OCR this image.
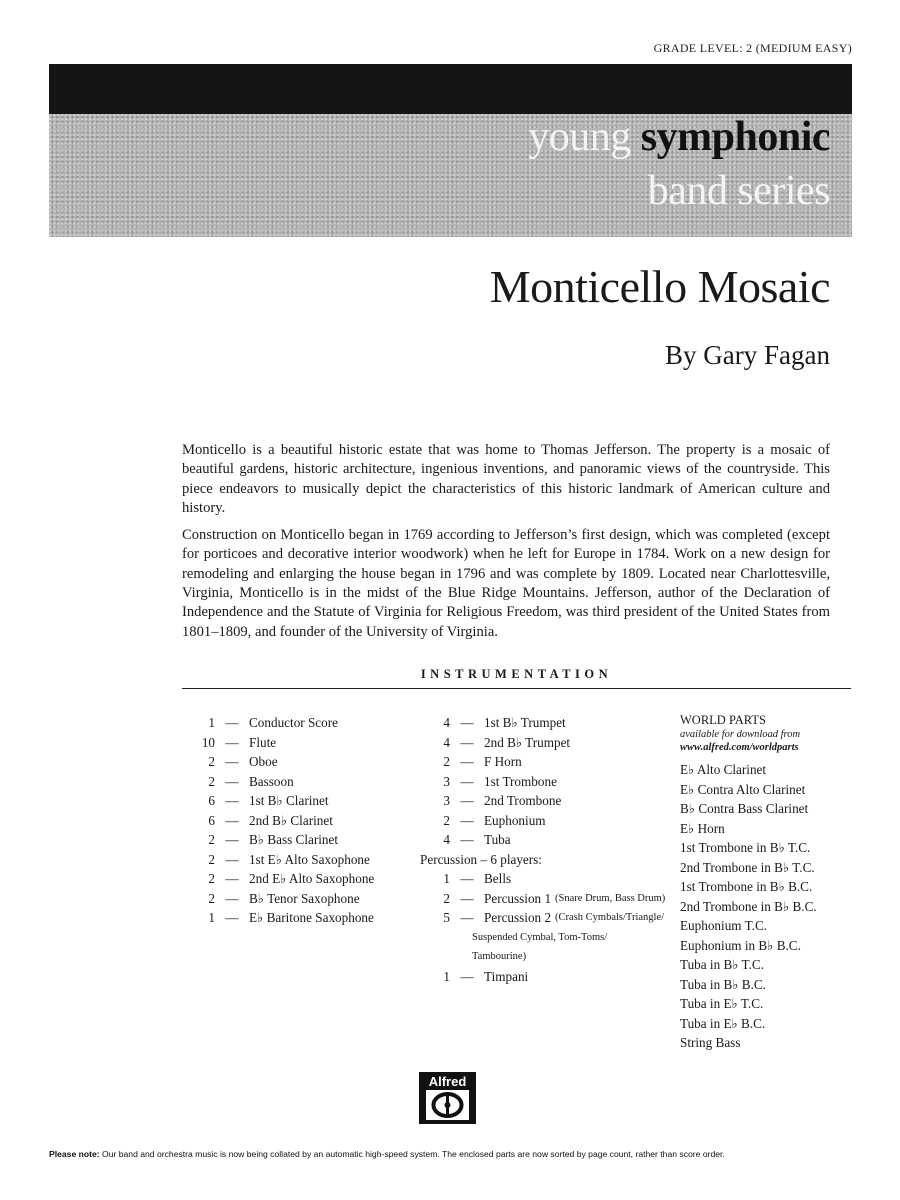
GRADE LEVEL: 2 (MEDIUM EASY)
young symphonic
band series
Monticello Mosaic
By Gary Fagan

Monticello is a beautiful historic estate that was home to Thomas Jefferson. The property is a mosaic of beautiful gardens, historic architecture, ingenious inventions, and panoramic views of the countryside. This piece endeavors to musically depict the characteristics of this historic landmark of American culture and history.

Construction on Monticello began in 1769 according to Jefferson’s first design, which was completed (except for porticoes and decorative interior woodwork) when he left for Europe in 1784. Work on a new design for remodeling and enlarging the house began in 1796 and was complete by 1809. Located near Charlottesville, Virginia, Monticello is in the midst of the Blue Ridge Mountains. Jefferson, author of the Declaration of Independence and the Statute of Virginia for Religious Freedom, was third president of the United States from 1801–1809, and founder of the University of Virginia.

INSTRUMENTATION
1 — Conductor Score
10 — Flute
2 — Oboe
2 — Bassoon
6 — 1st B♭ Clarinet
6 — 2nd B♭ Clarinet
2 — B♭ Bass Clarinet
2 — 1st E♭ Alto Saxophone
2 — 2nd E♭ Alto Saxophone
2 — B♭ Tenor Saxophone
1 — E♭ Baritone Saxophone
4 — 1st B♭ Trumpet
4 — 2nd B♭ Trumpet
2 — F Horn
3 — 1st Trombone
3 — 2nd Trombone
2 — Euphonium
4 — Tuba
Percussion – 6 players:
1 — Bells
2 — Percussion 1 (Snare Drum, Bass Drum)
5 — Percussion 2 (Crash Cymbals/Triangle/
Suspended Cymbal, Tom-Toms/
Tambourine)
1 — Timpani
WORLD PARTS
available for download from
www.alfred.com/worldparts
E♭ Alto Clarinet
E♭ Contra Alto Clarinet
B♭ Contra Bass Clarinet
E♭ Horn
1st Trombone in B♭ T.C.
2nd Trombone in B♭ T.C.
1st Trombone in B♭ B.C.
2nd Trombone in B♭ B.C.
Euphonium T.C.
Euphonium in B♭ B.C.
Tuba in B♭ T.C.
Tuba in B♭ B.C.
Tuba in E♭ T.C.
Tuba in E♭ B.C.
String Bass
Alfred
Please note: Our band and orchestra music is now being collated by an automatic high-speed system. The enclosed parts are now sorted by page count, rather than score order.
